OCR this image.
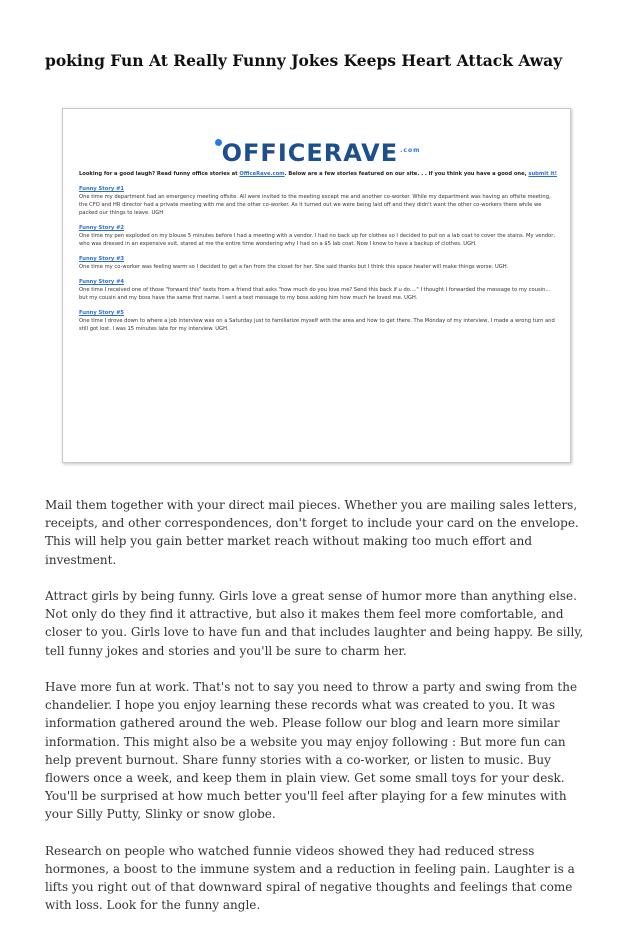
poking Fun At Really Funny Jokes Keeps Heart Attack Away
OFFICERAVE $^{.com}$

Looking for a good laugh? Read funny office stories at OfficeRave.com. Below are a few stories featured on our site. . . if you think you have a good one, submit it!

Funny Story #1
One time my department had an emergency meeting offsite. All were invited to the meeting except me and another co-worker. While my department was having an offsite meeting, the CFO and HR director had a private meeting with me and the other co-worker. As it turned out we were being laid off and they didn't want the other co-workers there while we packed our things to leave. UGH
Funny Story #2
One time my pen exploded on my blouse 5 minutes before I had a meeting with a vendor. I had no back up for clothes so I decided to put on a lab coat to cover the stains. My vendor, who was dressed in an expensive suit, stared at me the entire time wondering why I had on a $5 lab coat. Now I know to have a backup of clothes. UGH.
Funny Story #3
One time my co-worker was feeling warm so I decided to get a fan from the closet for her. She said thanks but I think this space heater will make things worse. UGH.
Funny Story #4
One time I received one of those "forward this" texts from a friend that asks "how much do you love me? Send this back if u do...." I thought I forwarded the message to my cousin... but my cousin and my boss have the same first name. I sent a text message to my boss asking him how much he loved me. UGH.
Funny Story #5
One time I drove down to where a job interview was on a Saturday just to familiarize myself with the area and how to get there. The Monday of my interview, I made a wrong turn and still got lost. I was 15 minutes late for my interview. UGH.

Mail them together with your direct mail pieces. Whether you are mailing sales letters, receipts, and other correspondences, don't forget to include your card on the envelope. This will help you gain better market reach without making too much effort and investment.

Attract girls by being funny. Girls love a great sense of humor more than anything else. Not only do they find it attractive, but also it makes them feel more comfortable, and closer to you. Girls love to have fun and that includes laughter and being happy. Be silly, tell funny jokes and stories and you'll be sure to charm her.

Have more fun at work. That's not to say you need to throw a party and swing from the chandelier. I hope you enjoy learning these records what was created to you. It was information gathered around the web. Please follow our blog and learn more similar information. This might also be a website you may enjoy following : But more fun can help prevent burnout. Share funny stories with a co-worker, or listen to music. Buy flowers once a week, and keep them in plain view. Get some small toys for your desk. You'll be surprised at how much better you'll feel after playing for a few minutes with your Silly Putty, Slinky or snow globe.

Research on people who watched funnie videos showed they had reduced stress hormones, a boost to the immune system and a reduction in feeling pain. Laughter is a lifts you right out of that downward spiral of negative thoughts and feelings that come with loss. Look for the funny angle.
